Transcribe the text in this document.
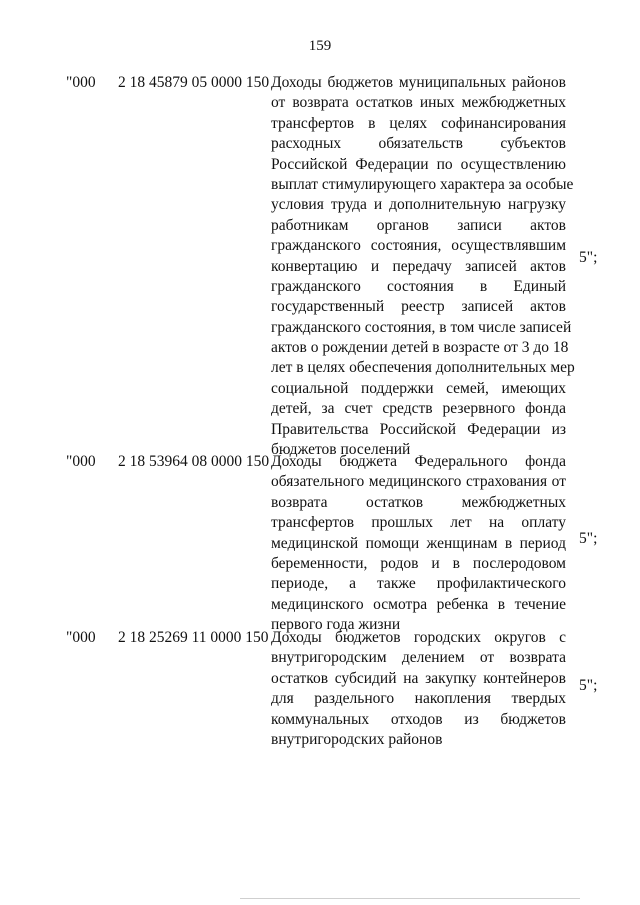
159
"000 2 18 45879 05 0000 150 Доходы бюджетов муниципальных районов
от возврата остатков иных межбюджетных
трансфертов в целях софинансирования
расходных обязательств субъектов
Российской Федерации по осуществлению
выплат стимулирующего характера за особые
условия труда и дополнительную нагрузку
работникам органов записи актов
гражданского состояния, осуществлявшим
конвертацию и передачу записей актов
гражданского состояния в Единый
государственный реестр записей актов
гражданского состояния, в том числе записей
актов о рождении детей в возрасте от 3 до 18
лет в целях обеспечения дополнительных мер
социальной поддержки семей, имеющих
детей, за счет средств резервного фонда
Правительства Российской Федерации из
бюджетов поселений
5";
"000 2 18 53964 08 0000 150 Доходы бюджета Федерального фонда
обязательного медицинского страхования от
возврата остатков межбюджетных
трансфертов прошлых лет на оплату
медицинской помощи женщинам в период
беременности, родов и в послеродовом
периоде, а также профилактического
медицинского осмотра ребенка в течение
первого года жизни
5";
"000 2 18 25269 11 0000 150 Доходы бюджетов городских округов с
внутригородским делением от возврата
остатков субсидий на закупку контейнеров
для раздельного накопления твердых
коммунальных отходов из бюджетов
внутригородских районов
5";
